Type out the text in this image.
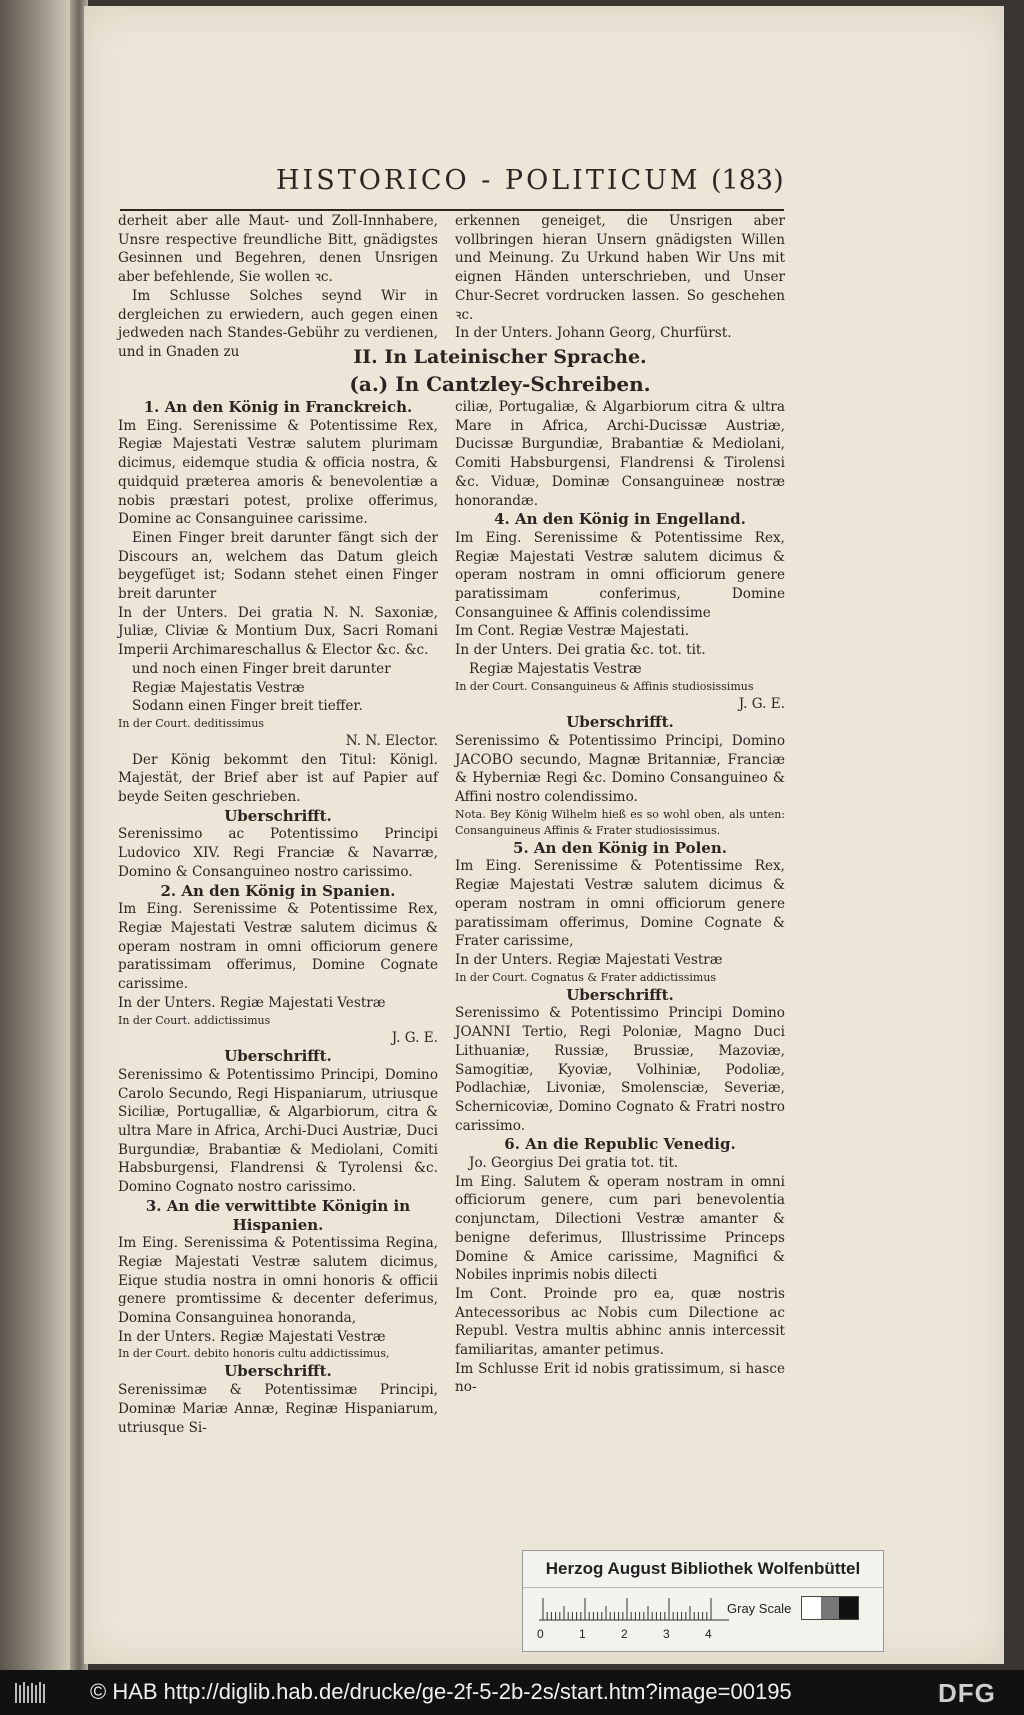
HISTORICO - POLITICUM (183)

derheit aber alle Maut- und Zoll-Innhabere, Unsre respective freundliche Bitt, gnädigstes Gesinnen und Begehren, denen Unsrigen aber befehlende, Sie wollen ꝛc.

Im Schlusse Solches seynd Wir in dergleichen zu erwiedern, auch gegen einen jedweden nach Standes-Gebühr zu verdienen, und in Gnaden zu

erkennen geneiget, die Unsrigen aber vollbringen hieran Unsern gnädigsten Willen und Meinung. Zu Urkund haben Wir Uns mit eignen Händen unterschrieben, und Unser Chur-Secret vordrucken lassen. So geschehen ꝛc.

In der Unters. Johann Georg, Churfürst.

II. In Lateinischer Sprache.
(a.) In Cantzley-Schreiben.

1. An den König in Franckreich.

Im Eing. Serenissime & Potentissime Rex, Regiæ Majestati Vestræ salutem plurimam dicimus, eidemque studia & officia nostra, & quidquid præterea amoris & benevolentiæ a nobis præstari potest, prolixe offerimus, Domine ac Consanguinee carissime.

Einen Finger breit darunter fängt sich der Discours an, welchem das Datum gleich beygefüget ist; Sodann stehet einen Finger breit darunter

In der Unters. Dei gratia N. N. Saxoniæ, Juliæ, Cliviæ & Montium Dux, Sacri Romani Imperii Archimareschallus & Elector &c. &c.

und noch einen Finger breit darunter

Regiæ Majestatis Vestræ

Sodann einen Finger breit tieffer.

In der Court. deditissimus

N. N. Elector.

Der König bekommt den Titul: Königl. Majestät, der Brief aber ist auf Papier auf beyde Seiten geschrieben.

Uberschrifft.

Serenissimo ac Potentissimo Principi Ludovico XIV. Regi Franciæ & Navarræ, Domino & Consanguineo nostro carissimo.

2. An den König in Spanien.

Im Eing. Serenissime & Potentissime Rex, Regiæ Majestati Vestræ salutem dicimus & operam nostram in omni officiorum genere paratissimam offerimus, Domine Cognate carissime.

In der Unters. Regiæ Majestati Vestræ

In der Court. addictissimus

J. G. E.

Uberschrifft.

Serenissimo & Potentissimo Principi, Domino Carolo Secundo, Regi Hispaniarum, utriusque Siciliæ, Portugalliæ, & Algarbiorum, citra & ultra Mare in Africa, Archi-Duci Austriæ, Duci Burgundiæ, Brabantiæ & Mediolani, Comiti Habsburgensi, Flandrensi & Tyrolensi &c. Domino Cognato nostro carissimo.

3. An die verwittibte Königin in Hispanien.

Im Eing. Serenissima & Potentissima Regina, Regiæ Majestati Vestræ salutem dicimus, Eique studia nostra in omni honoris & officii genere promtissime & decenter deferimus, Domina Consanguinea honoranda,

In der Unters. Regiæ Majestati Vestræ

In der Court. debito honoris cultu addictissimus,

Uberschrifft.

Serenissimæ & Potentissimæ Principi, Dominæ Mariæ Annæ, Reginæ Hispaniarum, utriusque Si-

ciliæ, Portugaliæ, & Algarbiorum citra & ultra Mare in Africa, Archi-Ducissæ Austriæ, Ducissæ Burgundiæ, Brabantiæ & Mediolani, Comiti Habsburgensi, Flandrensi & Tirolensi &c. Viduæ, Dominæ Consanguineæ nostræ honorandæ.

4. An den König in Engelland.

Im Eing. Serenissime & Potentissime Rex, Regiæ Majestati Vestræ salutem dicimus & operam nostram in omni officiorum genere paratissimam conferimus, Domine Consanguinee & Affinis colendissime

Im Cont. Regiæ Vestræ Majestati.

In der Unters. Dei gratia &c. tot. tit.

Regiæ Majestatis Vestræ

In der Court. Consanguineus & Affinis studiosissimus

J. G. E.

Uberschrifft.

Serenissimo & Potentissimo Principi, Domino JACOBO secundo, Magnæ Britanniæ, Franciæ & Hyberniæ Regi &c. Domino Consanguineo & Affini nostro colendissimo.

Nota. Bey König Wilhelm hieß es so wohl oben, als unten: Consanguineus Affinis & Frater studiosissimus.

5. An den König in Polen.

Im Eing. Serenissime & Potentissime Rex, Regiæ Majestati Vestræ salutem dicimus & operam nostram in omni officiorum genere paratissimam offerimus, Domine Cognate & Frater carissime,

In der Unters. Regiæ Majestati Vestræ

In der Court. Cognatus & Frater addictissimus

Uberschrifft.

Serenissimo & Potentissimo Principi Domino JOANNI Tertio, Regi Poloniæ, Magno Duci Lithuaniæ, Russiæ, Brussiæ, Mazoviæ, Samogitiæ, Kyoviæ, Volhiniæ, Podoliæ, Podlachiæ, Livoniæ, Smolensciæ, Severiæ, Schernicoviæ, Domino Cognato & Fratri nostro carissimo.

6. An die Republic Venedig.

Jo. Georgius Dei gratia tot. tit.

Im Eing. Salutem & operam nostram in omni officiorum genere, cum pari benevolentia conjunctam, Dilectioni Vestræ amanter & benigne deferimus, Illustrissime Princeps Domine & Amice carissime, Magnifici & Nobiles inprimis nobis dilecti

Im Cont. Proinde pro ea, quæ nostris Antecessoribus ac Nobis cum Dilectione ac Republ. Vestra multis abhinc annis intercessit familiaritas, amanter petimus.

Im Schlusse Erit id nobis gratissimum, si hasce no-

Herzog August Bibliothek Wolfenbüttel
0	1	2	3	4
Gray Scale
© HAB http://diglib.hab.de/drucke/ge-2f-5-2b-2s/start.htm?image=00195	DFG
